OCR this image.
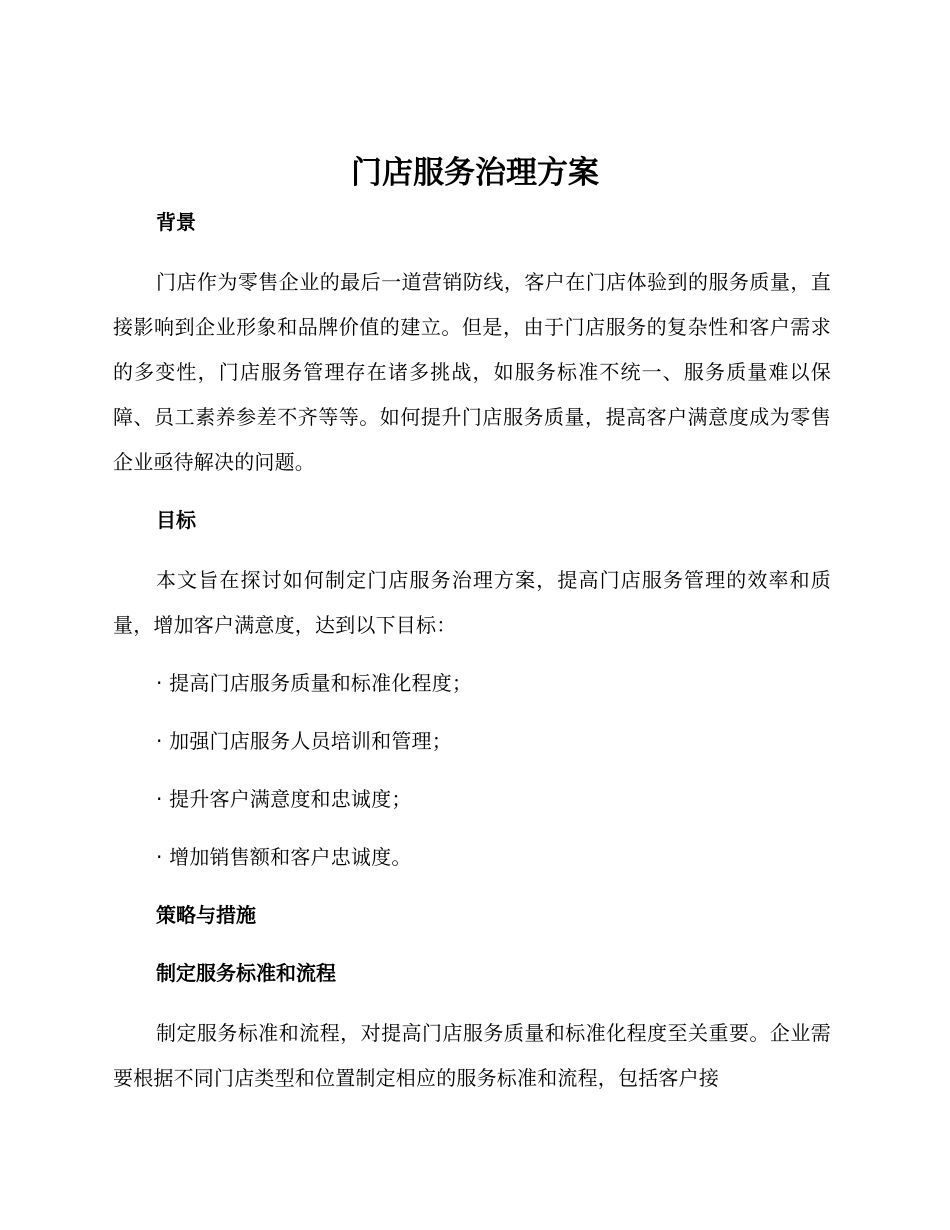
门店服务治理方案

背景

门店作为零售企业的最后一道营销防线，客户在门店体验到的服务质量，直接影响到企业形象和品牌价值的建立。但是，由于门店服务的复杂性和客户需求的多变性，门店服务管理存在诸多挑战，如服务标准不统一、服务质量难以保障、员工素养参差不齐等等。如何提升门店服务质量，提高客户满意度成为零售企业亟待解决的问题。

目标

本文旨在探讨如何制定门店服务治理方案，提高门店服务管理的效率和质量，增加客户满意度，达到以下目标：

· 提高门店服务质量和标准化程度；
· 加强门店服务人员培训和管理；
· 提升客户满意度和忠诚度；
· 增加销售额和客户忠诚度。

策略与措施

制定服务标准和流程

制定服务标准和流程，对提高门店服务质量和标准化程度至关重要。企业需要根据不同门店类型和位置制定相应的服务标准和流程，包括客户接
